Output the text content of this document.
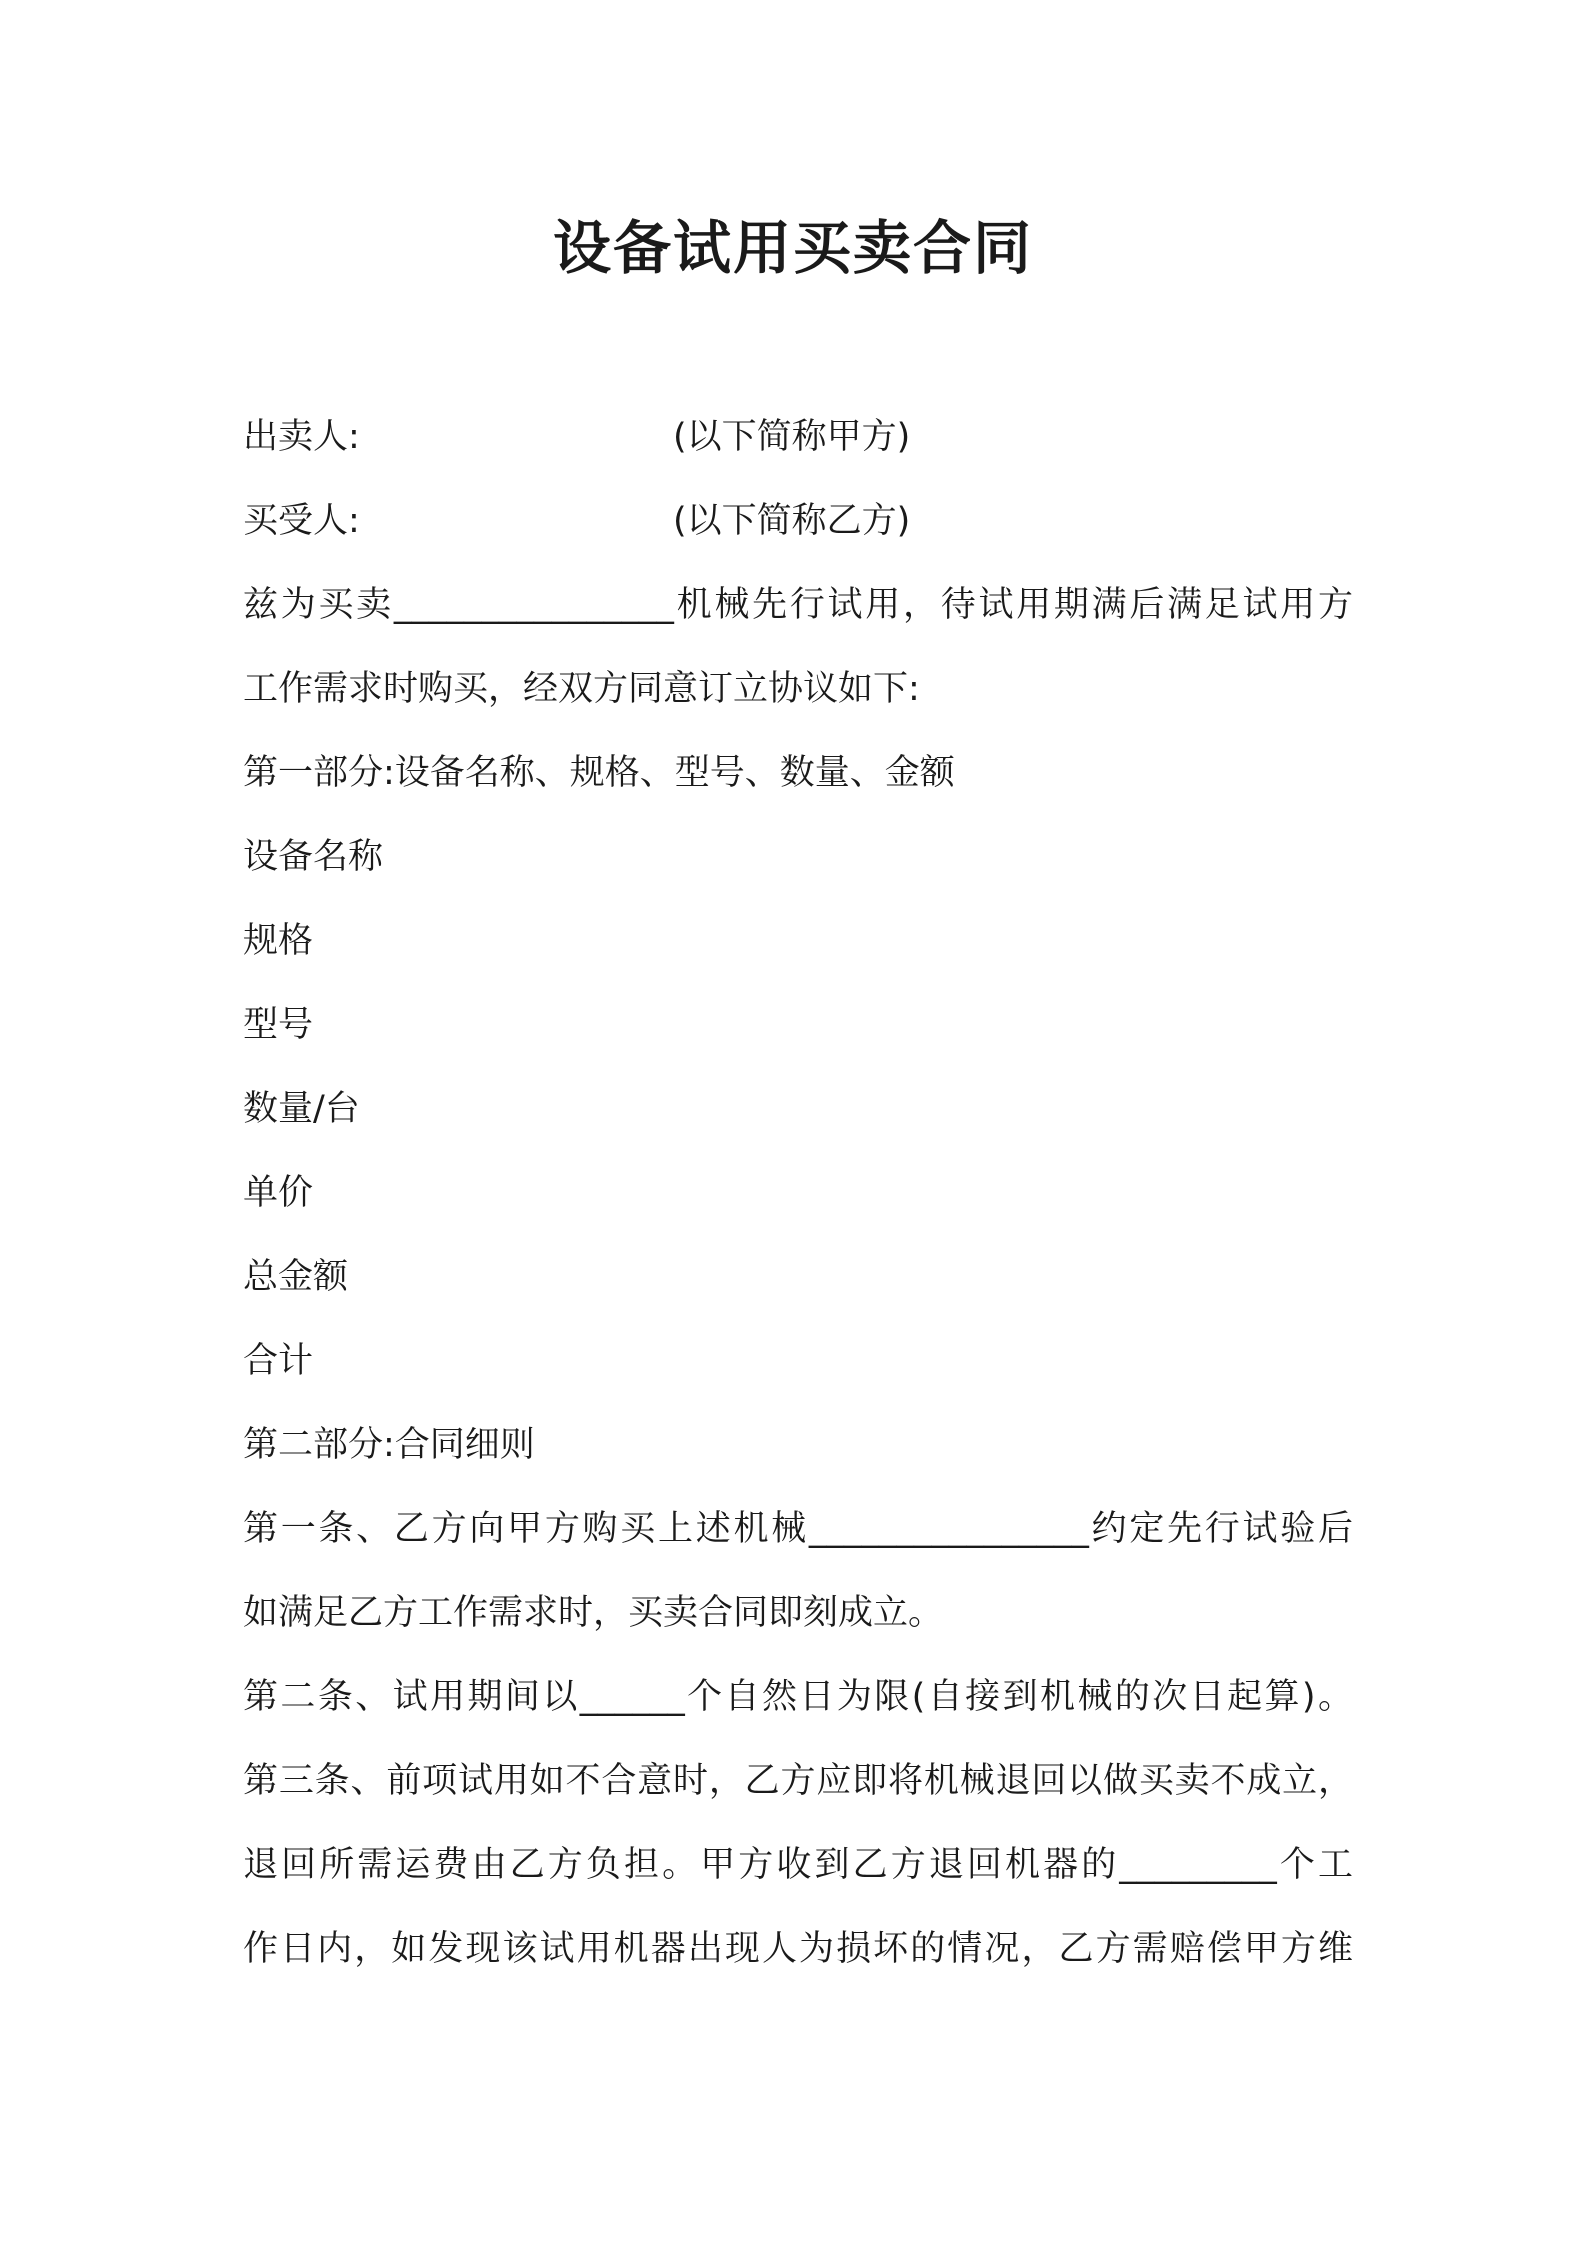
设备试用买卖合同
出卖人:	(以下简称甲方)
买受人:	(以下简称乙方)
兹为买卖________________机械先行试用，待试用期满后满足试用方
工作需求时购买，经双方同意订立协议如下:
第一部分:设备名称、规格、型号、数量、金额
设备名称
规格
型号
数量/台
单价
总金额
合计
第二部分:合同细则
第一条、乙方向甲方购买上述机械________________约定先行试验后
如满足乙方工作需求时，买卖合同即刻成立。
第二条、试用期间以______个自然日为限(自接到机械的次日起算)。
第三条、前项试用如不合意时，乙方应即将机械退回以做买卖不成立，
退回所需运费由乙方负担。甲方收到乙方退回机器的_________个工
作日内，如发现该试用机器出现人为损坏的情况，乙方需赔偿甲方维
